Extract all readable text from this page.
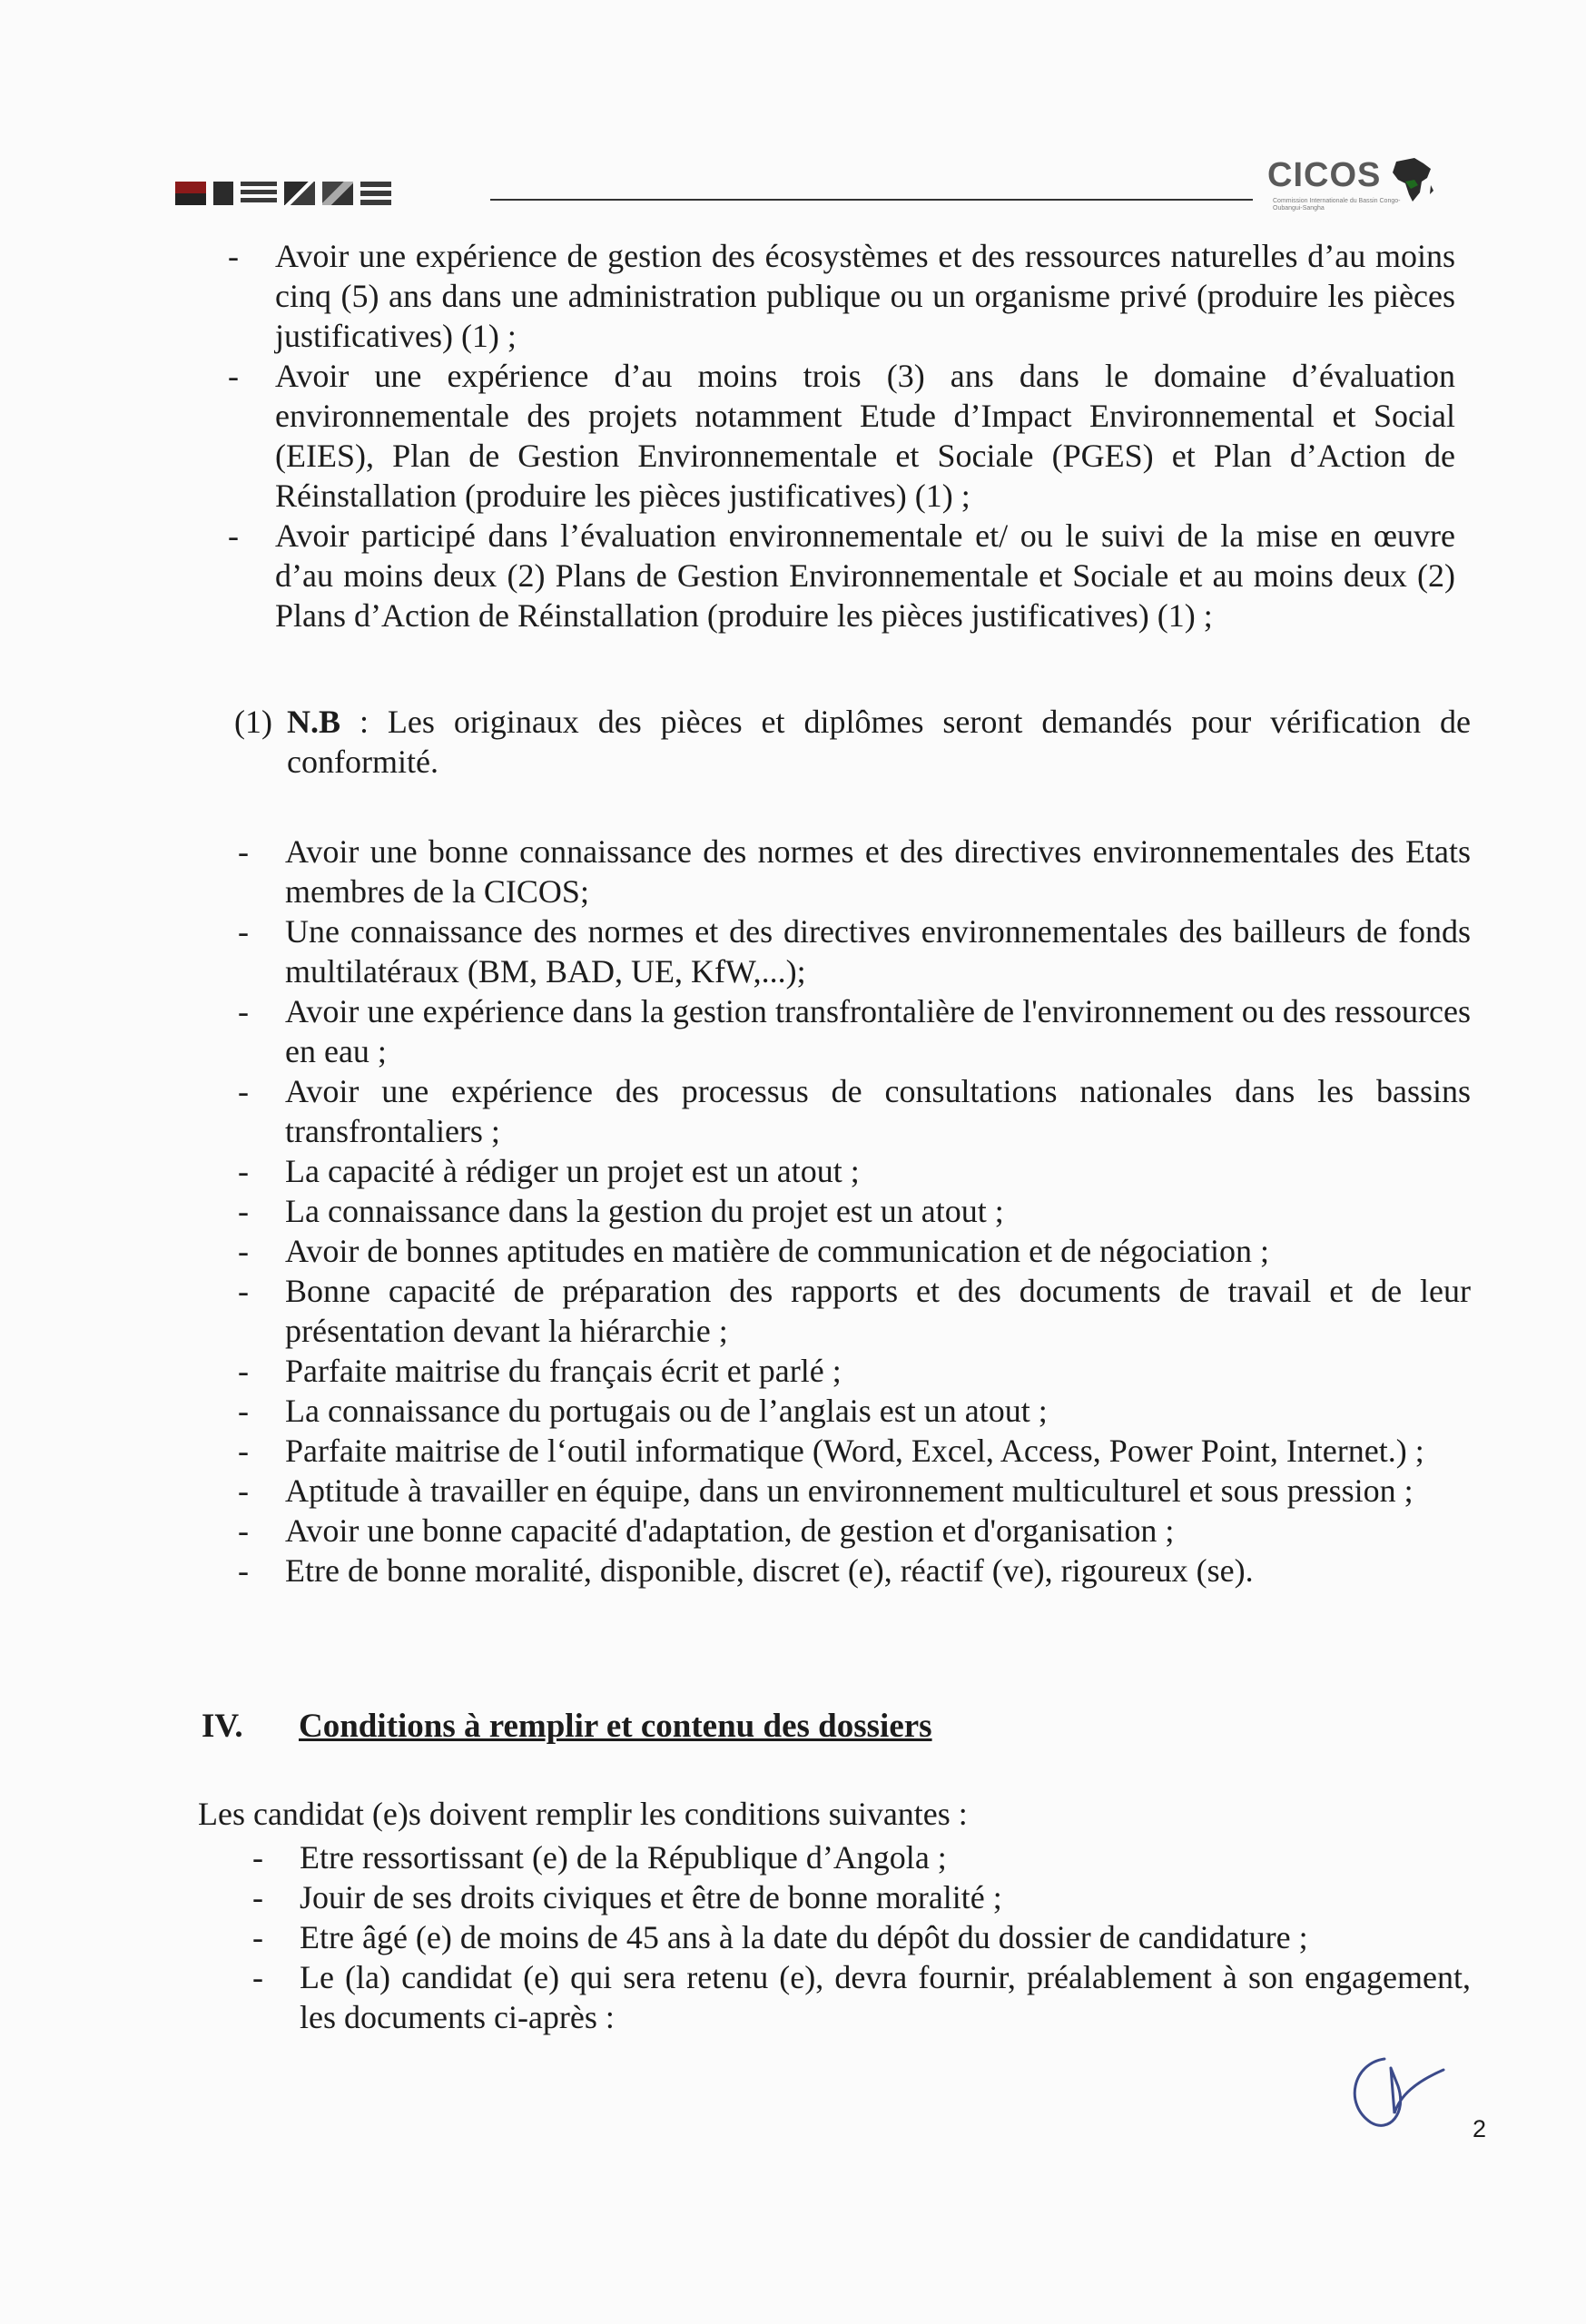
CICOS
Commission Internationale du Bassin Congo-Oubangui-Sangha
- Avoir une expérience de gestion des écosystèmes et des ressources naturelles d’au moins cinq (5) ans dans une administration publique ou un organisme privé (produire les pièces justificatives) (1) ;
- Avoir une expérience d’au moins trois (3) ans dans le domaine d’évaluation environnementale des projets notamment Etude d’Impact Environnemental et Social (EIES), Plan de Gestion Environnementale et Sociale (PGES) et Plan d’Action de Réinstallation (produire les pièces justificatives) (1) ;
- Avoir participé dans l’évaluation environnementale et/ ou le suivi de la mise en œuvre d’au moins deux (2) Plans de Gestion Environnementale et Sociale et au moins deux (2) Plans d’Action de Réinstallation (produire les pièces justificatives) (1) ;
(1) N.B : Les originaux des pièces et diplômes seront demandés pour vérification de conformité.
- Avoir une bonne connaissance des normes et des directives environnementales des Etats membres de la CICOS;
- Une connaissance des normes et des directives environnementales des bailleurs de fonds multilatéraux (BM, BAD, UE, KfW,...);
- Avoir une expérience dans la gestion transfrontalière de l'environnement ou des ressources en eau ;
- Avoir une expérience des processus de consultations nationales dans les bassins transfrontaliers ;
- La capacité à rédiger un projet est un atout ;
- La connaissance dans la gestion du projet est un atout ;
- Avoir de bonnes aptitudes en matière de communication et de négociation ;
- Bonne capacité de préparation des rapports et des documents de travail et de leur présentation devant la hiérarchie ;
- Parfaite maitrise du français écrit et parlé ;
- La connaissance du portugais ou de l’anglais est un atout ;
- Parfaite maitrise de l‘outil informatique (Word, Excel, Access, Power Point, Internet.) ;
- Aptitude à travailler en équipe, dans un environnement multiculturel et sous pression ;
- Avoir une bonne capacité d'adaptation, de gestion et d'organisation ;
- Etre de bonne moralité, disponible, discret (e), réactif (ve), rigoureux (se).
IV. Conditions à remplir et contenu des dossiers
Les candidat (e)s doivent remplir les conditions suivantes :
- Etre ressortissant (e) de la République d’Angola ;
- Jouir de ses droits civiques et être de bonne moralité ;
- Etre âgé (e) de moins de 45 ans à la date du dépôt du dossier de candidature ;
- Le (la) candidat (e) qui sera retenu (e), devra fournir, préalablement à son engagement, les documents ci-après :
2
